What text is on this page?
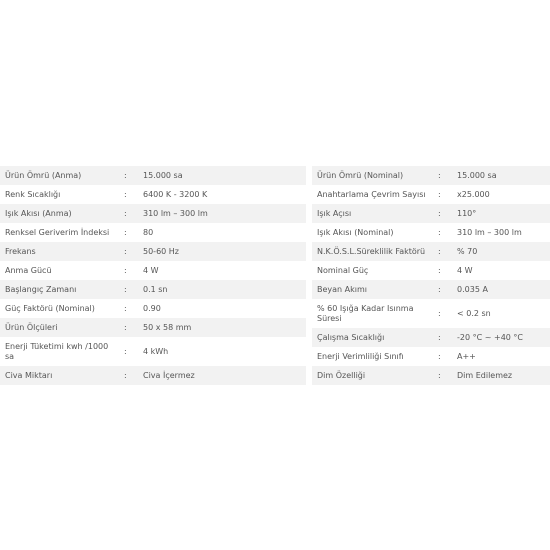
Ürün Ömrü (Anma)	:	15.000 sa
Renk Sıcaklığı	:	6400 K - 3200 K
Işık Akısı (Anma)	:	310 lm – 300 lm
Renksel Geriverim İndeksi	:	80
Frekans	:	50-60 Hz
Anma Gücü	:	4 W
Başlangıç Zamanı	:	0.1 sn
Güç Faktörü (Nominal)	:	0.90
Ürün Ölçüleri	:	50 x 58 mm
Enerji Tüketimi kwh /1000 sa	:	4 kWh
Civa Miktarı	:	Civa İçermez
Ürün Ömrü (Nominal)	:	15.000 sa
Anahtarlama Çevrim Sayısı	:	x25.000
Işık Açısı	:	110°
Işık Akısı (Nominal)	:	310 lm – 300 lm
N.K.Ö.S.L.Süreklilik Faktörü	:	% 70
Nominal Güç	:	4 W
Beyan Akımı	:	0.035 A
% 60 Işığa Kadar Isınma Süresi	:	< 0.2 sn
Çalışma Sıcaklığı	:	-20 °C ~ +40 °C
Enerji Verimliliği Sınıfı	:	A++
Dim Özelliği	:	Dim Edilemez
